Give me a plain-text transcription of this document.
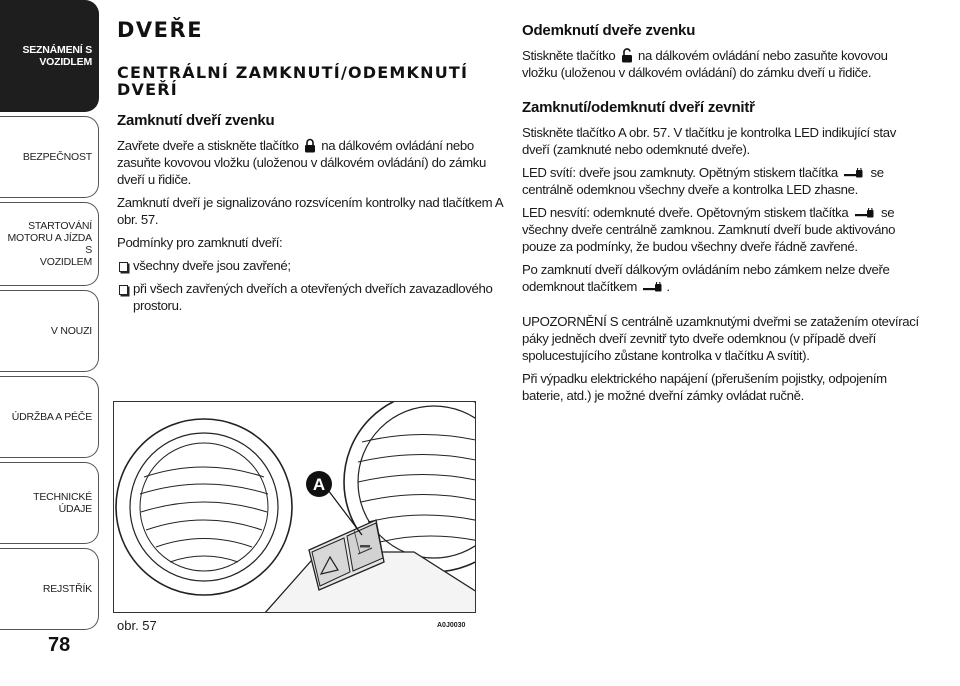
SEZNÁMENÍ S
VOZIDLEM
BEZPEČNOST
STARTOVÁNÍ
MOTORU A JÍZDA S
VOZIDLEM
V NOUZI
ÚDRŽBA A PÉČE
TECHNICKÉ ÚDAJE
REJSTŘÍK
78
DVEŘE
CENTRÁLNÍ ZAMKNUTÍ/ODEMKNUTÍ DVEŘÍ
Zamknutí dveří zvenku

Zavřete dveře a stiskněte tlačítko na dálkovém ovládání nebo zasuňte kovovou vložku (uloženou v dálkovém ovládání) do zámku dveří u řidiče.

Zamknutí dveří je signalizováno rozsvícením kontrolky nad tlačítkem A obr. 57.

Podmínky pro zamknutí dveří:

všechny dveře jsou zavřené;

při všech zavřených dveřích a otevřených dveřích zavazadlového prostoru.

Odemknutí dveře zvenku

Stiskněte tlačítko na dálkovém ovládání nebo zasuňte kovovou vložku (uloženou v dálkovém ovládání) do zámku dveří u řidiče.

Zamknutí/odemknutí dveří zevnitř

Stiskněte tlačítko A obr. 57. V tlačítku je kontrolka LED indikující stav dveří (zamknuté nebo odemknuté dveře).

LED svítí: dveře jsou zamknuty. Opětným stiskem tlačítka se centrálně odemknou všechny dveře a kontrolka LED zhasne.

LED nesvítí: odemknuté dveře. Opětovným stiskem tlačítka se všechny dveře centrálně zamknou. Zamknutí dveří bude aktivováno pouze za podmínky, že budou všechny dveře řádně zavřené.

Po zamknutí dveří dálkovým ovládáním nebo zámkem nelze dveře odemknout tlačítkem .

UPOZORNĚNÍ S centrálně uzamknutými dveřmi se zatažením otevírací páky jedněch dveří zevnitř tyto dveře odemknou (v případě dveří spolucestujícího zůstane kontrolka v tlačítku A svítit).

Při výpadku elektrického napájení (přerušením pojistky, odpojením baterie, atd.) je možné dveřní zámky ovládat ručně.

A
obr. 57	A0J0030
